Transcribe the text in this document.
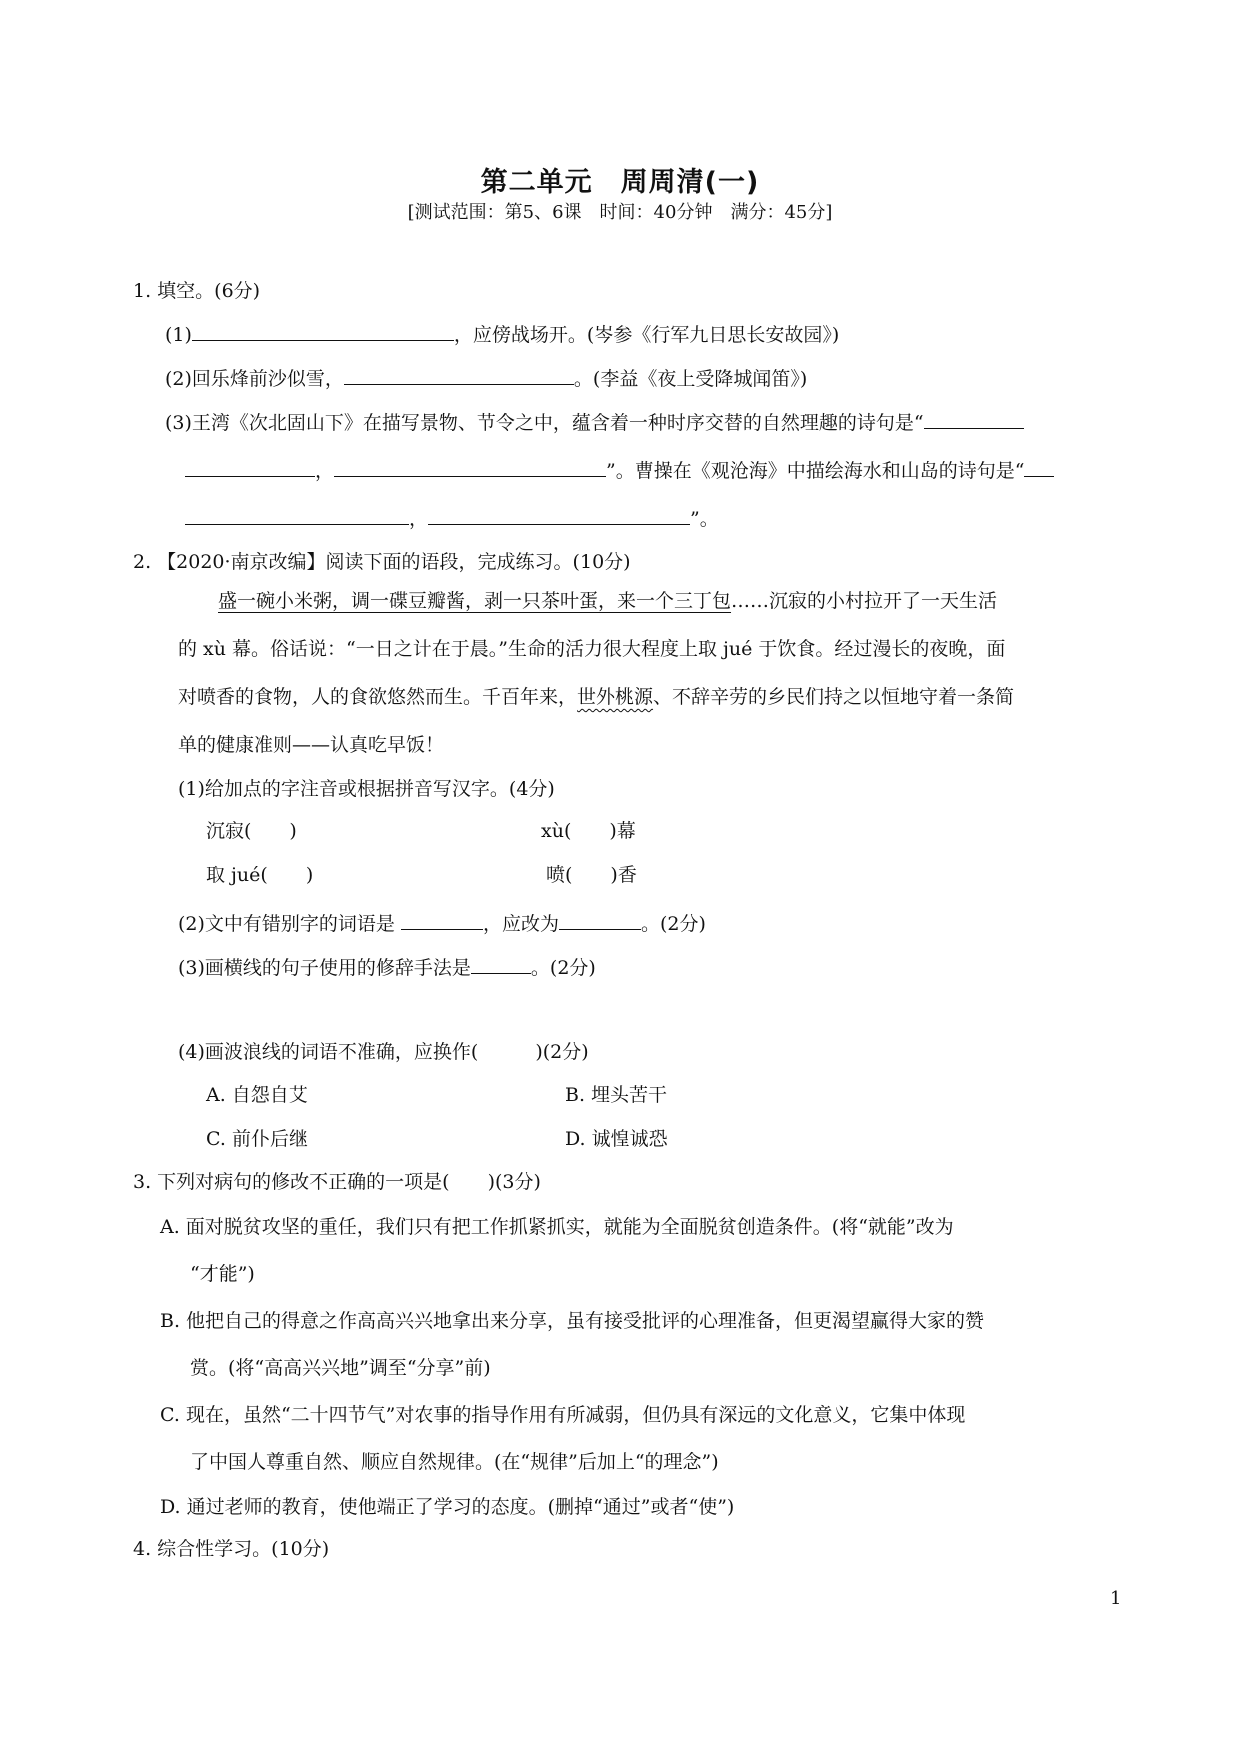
第二单元　周周清(一)
[测试范围：第5、6课　时间：40分钟　满分：45分]
1. 填空。(6分)
(1)	，应傍战场开。(岑参《行军九日思长安故园》)
(2)回乐烽前沙似雪，	。(李益《夜上受降城闻笛》)
(3)王湾《次北固山下》在描写景物、节令之中，蕴含着一种时序交替的自然理趣的诗句是“
，	”。曹操在《观沧海》中描绘海水和山岛的诗句是“
，	”。
2. 【2020·南京改编】阅读下面的语段，完成练习。(10分)
盛一碗小米粥，调一碟豆瓣酱，剥一只茶叶蛋，来一个三丁包……沉寂的小村拉开了一天生活
的 xù 幕。俗话说：“一日之计在于晨。”生命的活力很大程度上取 jué 于饮食。经过漫长的夜晚，面
对喷香的食物，人的食欲悠然而生。千百年来，世外桃源、不辞辛劳的乡民们持之以恒地守着一条简
单的健康准则——认真吃早饭！
(1)给加点的字注音或根据拼音写汉字。(4分)
沉寂(　　)	xù(　　)幕
取 jué(　　)	喷(　　)香
(2)文中有错别字的词语是	，应改为	。(2分)
(3)画横线的句子使用的修辞手法是	。(2分)
(4)画波浪线的词语不准确，应换作(　　　)(2分)
A. 自怨自艾	B. 埋头苦干
C. 前仆后继	D. 诚惶诚恐
3. 下列对病句的修改不正确的一项是(　　)(3分)
A. 面对脱贫攻坚的重任，我们只有把工作抓紧抓实，就能为全面脱贫创造条件。(将“就能”改为
“才能”)
B. 他把自己的得意之作高高兴兴地拿出来分享，虽有接受批评的心理准备，但更渴望赢得大家的赞
赏。(将“高高兴兴地”调至“分享”前)
C. 现在，虽然“二十四节气”对农事的指导作用有所减弱，但仍具有深远的文化意义，它集中体现
了中国人尊重自然、顺应自然规律。(在“规律”后加上“的理念”)
D. 通过老师的教育，使他端正了学习的态度。(删掉“通过”或者“使”)
4. 综合性学习。(10分)
1
